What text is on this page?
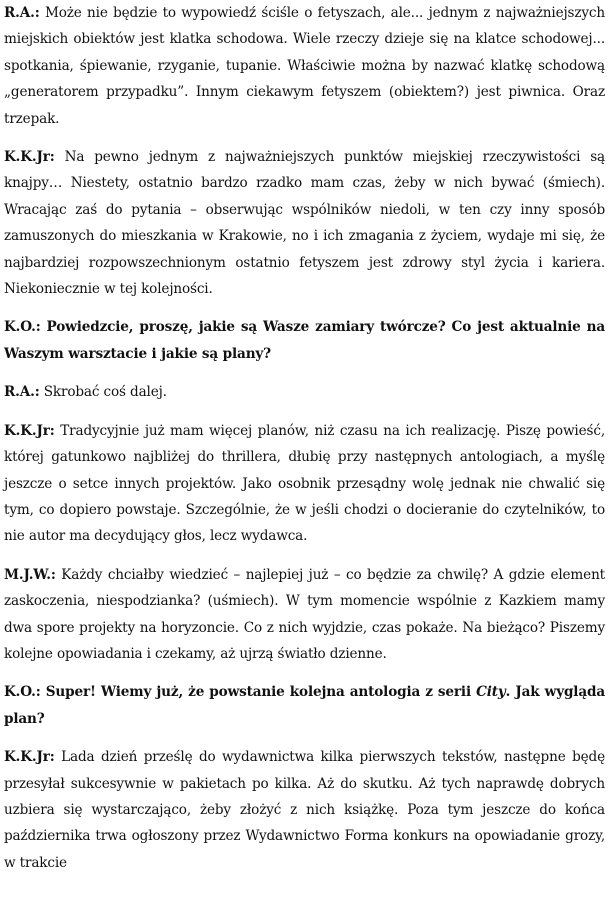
R.A.: Może nie będzie to wypowiedź ściśle o fetyszach, ale... jednym z najważniejszych miejskich obiektów jest klatka schodowa. Wiele rzeczy dzieje się na klatce schodowej... spotkania, śpiewanie, rzyganie, tupanie. Właściwie można by nazwać klatkę schodową „generatorem przypadku”. Innym ciekawym fetyszem (obiektem?) jest piwnica. Oraz trzepak.

K.K.Jr: Na pewno jednym z najważniejszych punktów miejskiej rzeczywistości są knajpy… Niestety, ostatnio bardzo rzadko mam czas, żeby w nich bywać (śmiech). Wracając zaś do pytania – obserwując wspólników niedoli, w ten czy inny sposób zamuszonych do mieszkania w Krakowie, no i ich zmagania z życiem, wydaje mi się, że najbardziej rozpowszechnionym ostatnio fetyszem jest zdrowy styl życia i kariera. Niekoniecznie w tej kolejności.

K.O.: Powiedzcie, proszę, jakie są Wasze zamiary twórcze? Co jest aktualnie na Waszym warsztacie i jakie są plany?

R.A.: Skrobać coś dalej.

K.K.Jr: Tradycyjnie już mam więcej planów, niż czasu na ich realizację. Piszę powieść, której gatunkowo najbliżej do thrillera, dłubię przy następnych antologiach, a myślę jeszcze o setce innych projektów. Jako osobnik przesądny wolę jednak nie chwalić się tym, co dopiero powstaje. Szczególnie, że w jeśli chodzi o docieranie do czytelników, to nie autor ma decydujący głos, lecz wydawca.

M.J.W.: Każdy chciałby wiedzieć – najlepiej już – co będzie za chwilę? A gdzie element zaskoczenia, niespodzianka? (uśmiech). W tym momencie wspólnie z Kazkiem mamy dwa spore projekty na horyzoncie. Co z nich wyjdzie, czas pokaże. Na bieżąco? Piszemy kolejne opowiadania i czekamy, aż ujrzą światło dzienne.

K.O.: Super! Wiemy już, że powstanie kolejna antologia z serii City. Jak wygląda plan?

K.K.Jr: Lada dzień prześlę do wydawnictwa kilka pierwszych tekstów, następne będę przesyłał sukcesywnie w pakietach po kilka. Aż do skutku. Aż tych naprawdę dobrych uzbiera się wystarczająco, żeby złożyć z nich książkę. Poza tym jeszcze do końca października trwa ogłoszony przez Wydawnictwo Forma konkurs na opowiadanie grozy, w trakcie
